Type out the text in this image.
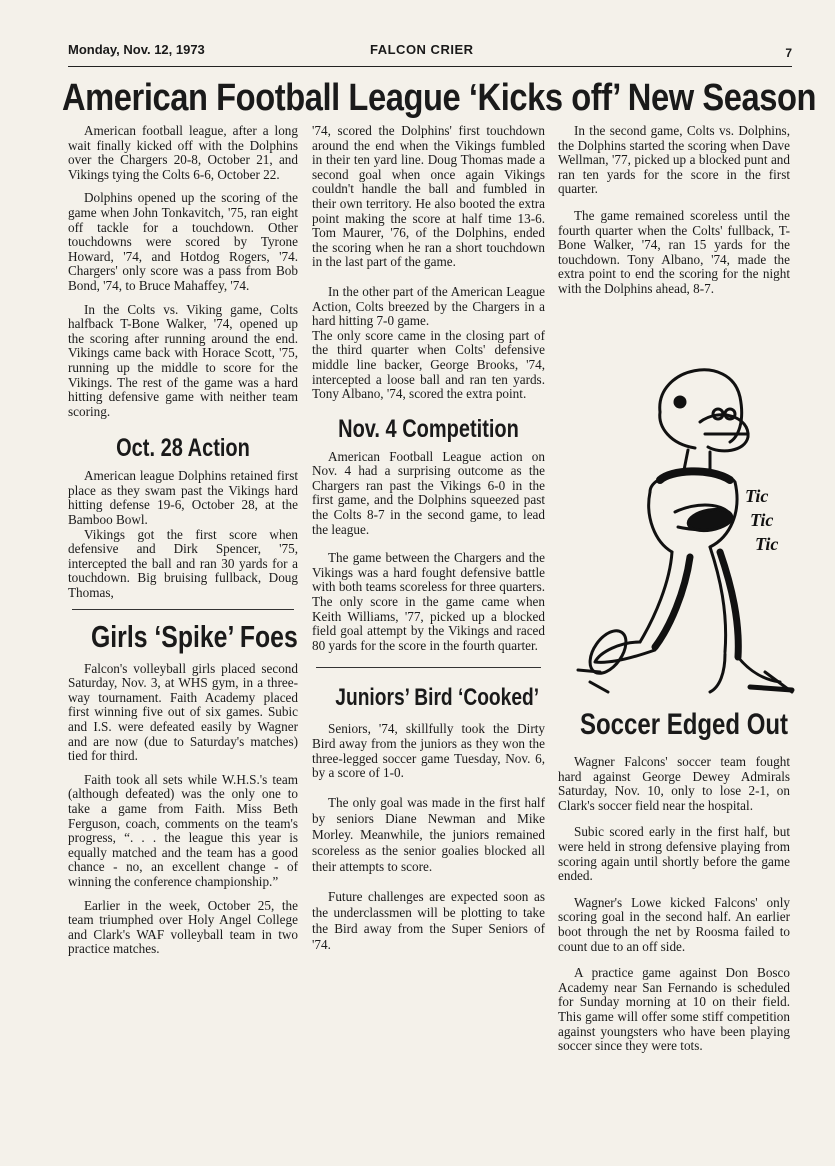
Monday, Nov. 12, 1973	FALCON CRIER	7
American Football League ‘Kicks off’ New Season

American football league, after a long wait finally kicked off with the Dolphins over the Chargers 20-8, October 21, and Vikings tying the Colts 6-6, October 22.

Dolphins opened up the scoring of the game when John Tonkavitch, '75, ran eight off tackle for a touchdown. Other touchdowns were scored by Tyrone Howard, '74, and Hotdog Rogers, '74. Chargers' only score was a pass from Bob Bond, '74, to Bruce Mahaffey, '74.

In the Colts vs. Viking game, Colts halfback T-Bone Walker, '74, opened up the scoring after running around the end. Vikings came back with Horace Scott, '75, running up the middle to score for the Vikings. The rest of the game was a hard hitting defensive game with neither team scoring.

Oct. 28 Action

American league Dolphins retained first place as they swam past the Vikings hard hitting defense 19-6, October 28, at the Bamboo Bowl.

Vikings got the first score when defensive and Dirk Spencer, '75, intercepted the ball and ran 30 yards for a touchdown. Big bruising fullback, Doug Thomas,

Girls ‘Spike’ Foes

Falcon's volleyball girls placed second Saturday, Nov. 3, at WHS gym, in a three-way tournament. Faith Academy placed first winning five out of six games. Subic and I.S. were defeated easily by Wagner and are now (due to Saturday's matches) tied for third.

Faith took all sets while W.H.S.'s team (although defeated) was the only one to take a game from Faith. Miss Beth Ferguson, coach, comments on the team's progress, “. . . the league this year is equally matched and the team has a good chance - no, an excellent change - of winning the conference championship.”

Earlier in the week, October 25, the team triumphed over Holy Angel College and Clark's WAF volleyball team in two practice matches.

'74, scored the Dolphins' first touchdown around the end when the Vikings fumbled in their ten yard line. Doug Thomas made a second goal when once again Vikings couldn't handle the ball and fumbled in their own territory. He also booted the extra point making the score at half time 13-6. Tom Maurer, '76, of the Dolphins, ended the scoring when he ran a short touchdown in the last part of the game.

In the other part of the American League Action, Colts breezed by the Chargers in a hard hitting 7-0 game.

The only score came in the closing part of the third quarter when Colts' defensive middle line backer, George Brooks, '74, intercepted a loose ball and ran ten yards. Tony Albano, '74, scored the extra point.

Nov. 4 Competition

American Football League action on Nov. 4 had a surprising outcome as the Chargers ran past the Vikings 6-0 in the first game, and the Dolphins squeezed past the Colts 8-7 in the second game, to lead the league.

The game between the Chargers and the Vikings was a hard fought defensive battle with both teams scoreless for three quarters. The only score in the game came when Keith Williams, '77, picked up a blocked field goal attempt by the Vikings and raced 80 yards for the score in the fourth quarter.

Juniors’ Bird ‘Cooked’

Seniors, '74, skillfully took the Dirty Bird away from the juniors as they won the three-legged soccer game Tuesday, Nov. 6, by a score of 1-0.

The only goal was made in the first half by seniors Diane Newman and Mike Morley. Meanwhile, the juniors remained scoreless as the senior goalies blocked all their attempts to score.

Future challenges are expected soon as the underclassmen will be plotting to take the Bird away from the Super Seniors of '74.

In the second game, Colts vs. Dolphins, the Dolphins started the scoring when Dave Wellman, '77, picked up a blocked punt and ran ten yards for the score in the first quarter.

The game remained scoreless until the fourth quarter when the Colts' fullback, T-Bone Walker, '74, ran 15 yards for the touchdown. Tony Albano, '74, made the extra point to end the scoring for the night with the Dolphins ahead, 8-7.

Tic
Tic
Tic
Soccer Edged Out

Wagner Falcons' soccer team fought hard against George Dewey Admirals Saturday, Nov. 10, only to lose 2-1, on Clark's soccer field near the hospital.

Subic scored early in the first half, but were held in strong defensive playing from scoring again until shortly before the game ended.

Wagner's Lowe kicked Falcons' only scoring goal in the second half. An earlier boot through the net by Roosma failed to count due to an off side.

A practice game against Don Bosco Academy near San Fernando is scheduled for Sunday morning at 10 on their field. This game will offer some stiff competition against youngsters who have been playing soccer since they were tots.
